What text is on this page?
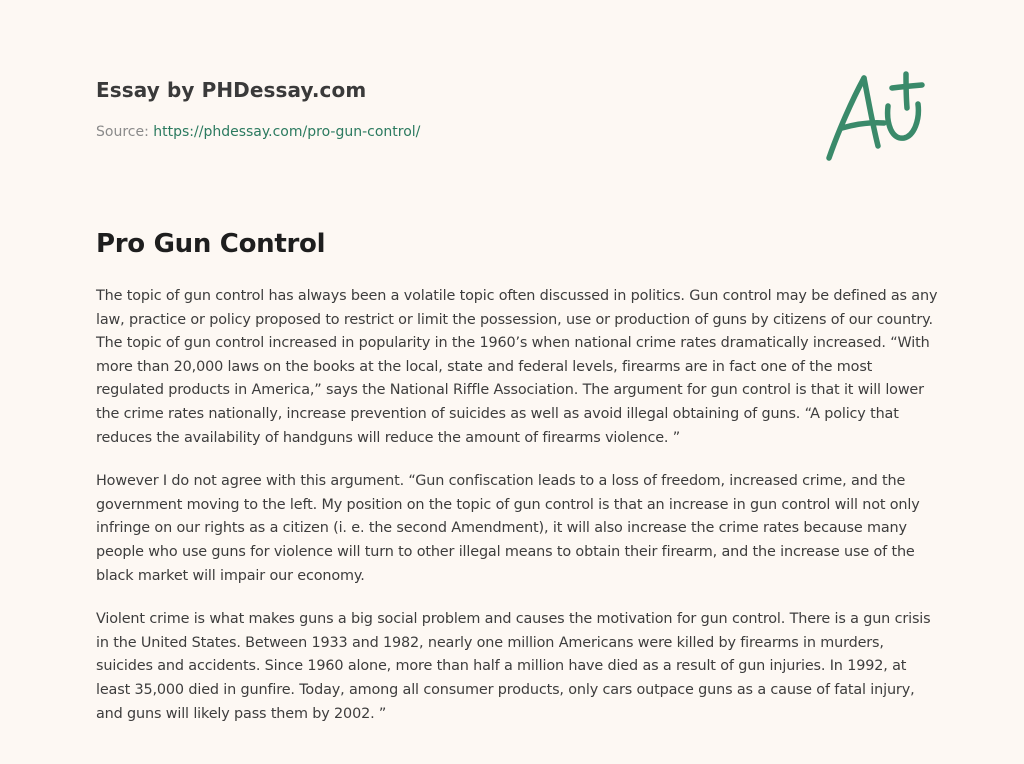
Essay by PHDessay.com
Source: https://phdessay.com/pro-gun-control/
Pro Gun Control

The topic of gun control has always been a volatile topic often discussed in politics. Gun control may be defined as any law, practice or policy proposed to restrict or limit the possession, use or production of guns by citizens of our country. The topic of gun control increased in popularity in the 1960’s when national crime rates dramatically increased. “With more than 20,000 laws on the books at the local, state and federal levels, firearms are in fact one of the most regulated products in America,” says the National Riffle Association. The argument for gun control is that it will lower the crime rates nationally, increase prevention of suicides as well as avoid illegal obtaining of guns. “A policy that reduces the availability of handguns will reduce the amount of firearms violence. ”

However I do not agree with this argument. “Gun confiscation leads to a loss of freedom, increased crime, and the government moving to the left. My position on the topic of gun control is that an increase in gun control will not only infringe on our rights as a citizen (i. e. the second Amendment), it will also increase the crime rates because many people who use guns for violence will turn to other illegal means to obtain their firearm, and the increase use of the black market will impair our economy.

Violent crime is what makes guns a big social problem and causes the motivation for gun control. There is a gun crisis in the United States. Between 1933 and 1982, nearly one million Americans were killed by firearms in murders, suicides and accidents. Since 1960 alone, more than half a million have died as a result of gun injuries. In 1992, at least 35,000 died in gunfire. Today, among all consumer products, only cars outpace guns as a cause of fatal injury, and guns will likely pass them by 2002. ”
